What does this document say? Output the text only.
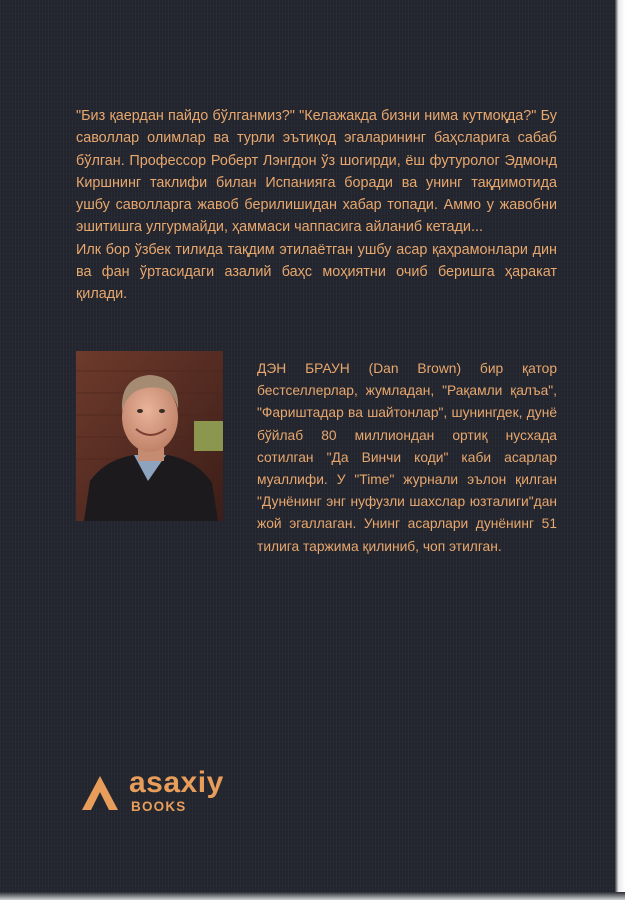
"Биз қаердан пайдо бўлганмиз?" "Келажакда бизни нима кутмоқда?" Бу саволлар олимлар ва турли эътиқод эгаларининг баҳсларига сабаб бўлган. Профессор Роберт Лэнгдон ўз шогирди, ёш футуролог Эдмонд Киршнинг таклифи билан Испанияга боради ва унинг тақдимотида ушбу саволларга жавоб берилишидан хабар топади. Аммо у жавобни эшитишга улгурмайди, ҳаммаси чаппасига айланиб кетади...

Илк бор ўзбек тилида тақдим этилаётган ушбу асар қаҳрамонлари дин ва фан ўртасидаги азалий баҳс моҳиятни очиб беришга ҳаракат қилади.

ДЭН БРАУН (Dan Brown) бир қатор бестселлерлар, жумладан, "Рақамли қалъа", "Фариштадар ва шайтонлар", шунингдек, дунё бўйлаб 80 миллиондан ортиқ нусхада сотилган "Да Винчи коди" каби асарлар муаллифи. У "Time" журнали эълон қилган "Дунёнинг энг нуфузли шахслар юзталиги"дан жой эгаллаган. Унинг асарлари дунёнинг 51 тилига таржима қилиниб, чоп этилган.

asaxiy
BOOKS
